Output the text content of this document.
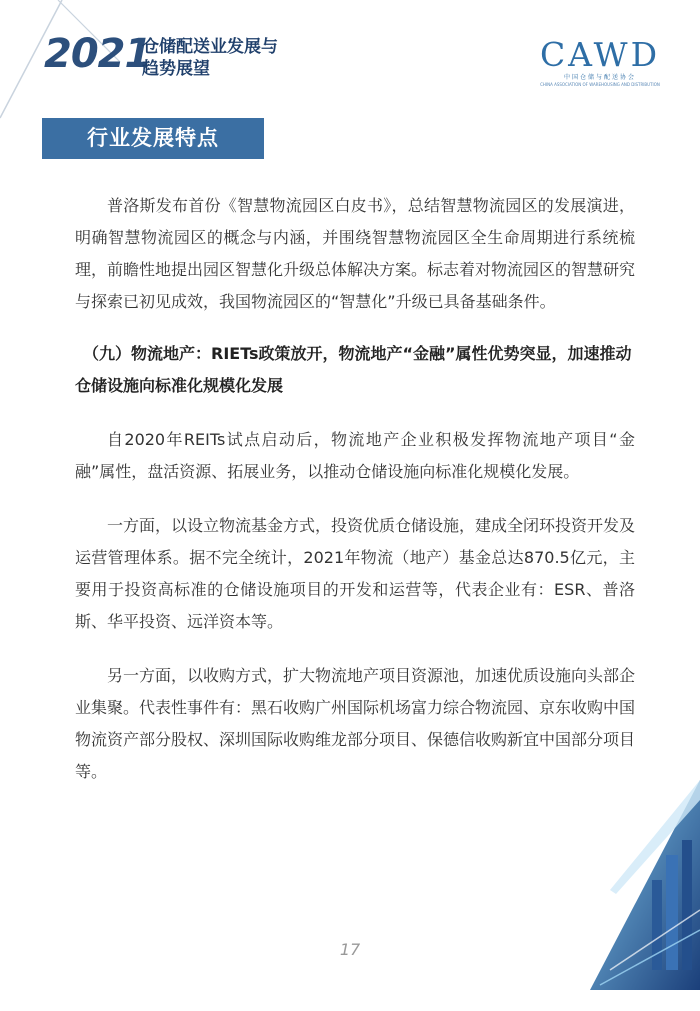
2021
仓储配送业发展与
趋势展望	CAWD
中国仓储与配送协会
CHINA ASSOCIATION OF WAREHOUSING AND DISTRIBUTION
行业发展特点

普洛斯发布首份《智慧物流园区白皮书》，总结智慧物流园区的发展演进，明确智慧物流园区的概念与内涵，并围绕智慧物流园区全生命周期进行系统梳理，前瞻性地提出园区智慧化升级总体解决方案。标志着对物流园区的智慧研究与探索已初见成效，我国物流园区的“智慧化”升级已具备基础条件。

（九）物流地产：RIETs政策放开，物流地产“金融”属性优势突显，加速推动仓储设施向标准化规模化发展

自2020年REITs试点启动后，物流地产企业积极发挥物流地产项目“金融”属性，盘活资源、拓展业务，以推动仓储设施向标准化规模化发展。

一方面，以设立物流基金方式，投资优质仓储设施，建成全闭环投资开发及运营管理体系。据不完全统计，2021年物流（地产）基金总达870.5亿元，主要用于投资高标准的仓储设施项目的开发和运营等，代表企业有：ESR、普洛斯、华平投资、远洋资本等。

另一方面，以收购方式，扩大物流地产项目资源池，加速优质设施向头部企业集聚。代表性事件有：黑石收购广州国际机场富力综合物流园、京东收购中国物流资产部分股权、深圳国际收购维龙部分项目、保德信收购新宜中国部分项目等。

17
